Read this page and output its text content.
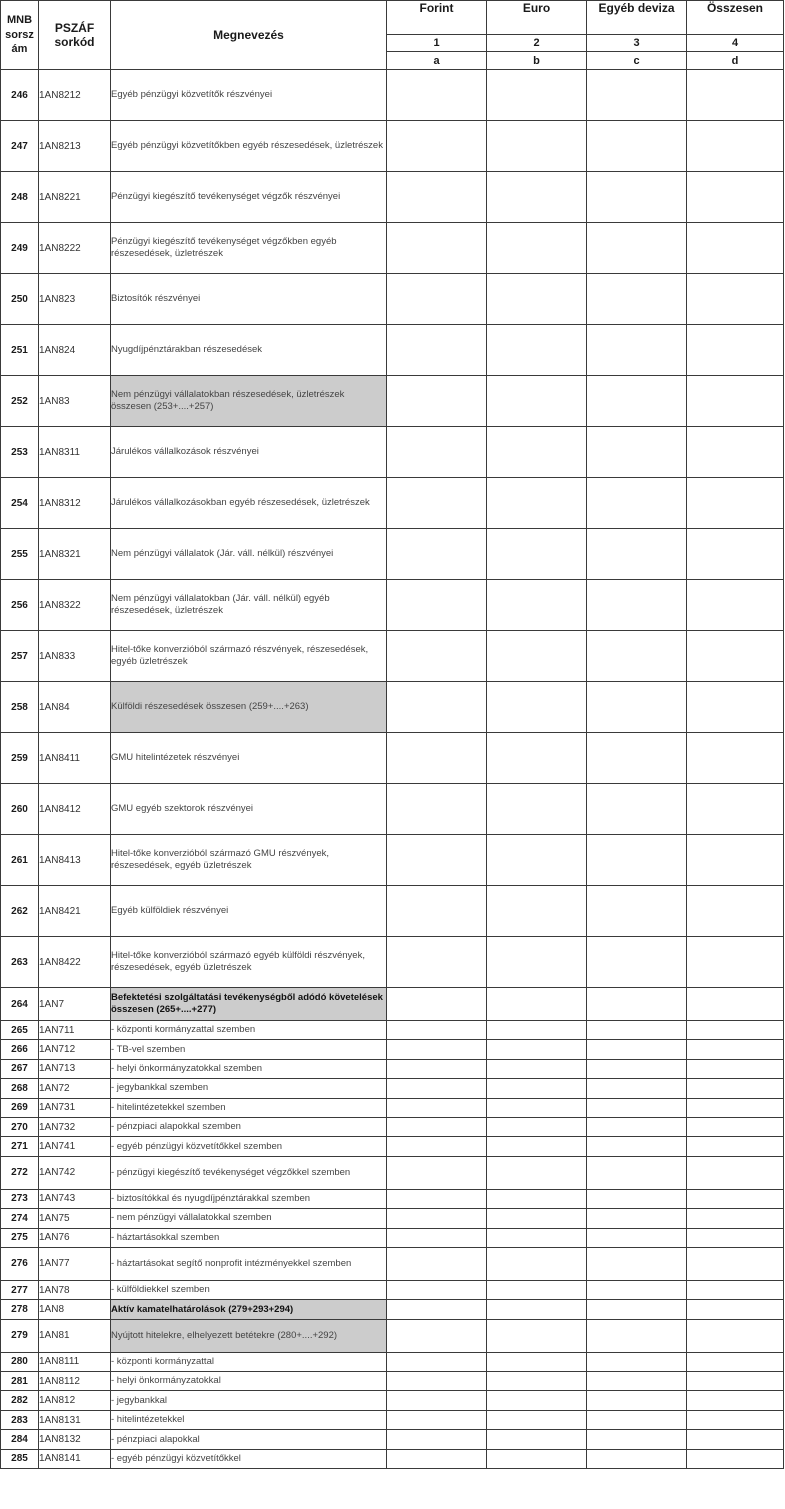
MNB sorsz ám	PSZÁF sorkód	Megnevezés	Forint	Euro	Egyéb deviza	Összesen
			1	2	3	4
			a	b	c	d
246	1AN8212	Egyéb pénzügyi közvetítők részvényei				
247	1AN8213	Egyéb pénzügyi közvetítőkben egyéb részesedések, üzletrészek				
248	1AN8221	Pénzügyi kiegészítő tevékenységet végzők részvényei				
249	1AN8222	Pénzügyi kiegészítő tevékenységet végzőkben egyéb részesedések, üzletrészek				
250	1AN823	Biztosítók részvényei				
251	1AN824	Nyugdíjpénztárakban részesedések				
252	1AN83	Nem pénzügyi vállalatokban részesedések, üzletrészek összesen (253+....+257)				
253	1AN8311	Járulékos vállalkozások részvényei				
254	1AN8312	Járulékos vállalkozásokban egyéb részesedések, üzletrészek				
255	1AN8321	Nem pénzügyi vállalatok (Jár. váll. nélkül) részvényei				
256	1AN8322	Nem pénzügyi vállalatokban (Jár. váll. nélkül) egyéb részesedések, üzletrészek				
257	1AN833	Hitel-tőke konverzióból származó részvények, részesedések, egyéb üzletrészek				
258	1AN84	Külföldi részesedések összesen (259+....+263)				
259	1AN8411	GMU hitelintézetek részvényei				
260	1AN8412	GMU egyéb szektorok részvényei				
261	1AN8413	Hitel-tőke konverzióból származó GMU részvények, részesedések, egyéb üzletrészek				
262	1AN8421	Egyéb külföldiek részvényei				
263	1AN8422	Hitel-tőke konverzióból származó egyéb külföldi részvények, részesedések, egyéb üzletrészek				
264	1AN7	Befektetési szolgáltatási tevékenységből adódó követelések összesen (265+....+277)				
265	1AN711	- központi kormányzattal szemben				
266	1AN712	- TB-vel szemben				
267	1AN713	- helyi önkormányzatokkal szemben				
268	1AN72	- jegybankkal szemben				
269	1AN731	- hitelintézetekkel szemben				
270	1AN732	- pénzpiaci alapokkal szemben				
271	1AN741	- egyéb pénzügyi közvetítőkkel szemben				
272	1AN742	- pénzügyi kiegészítő tevékenységet végzőkkel szemben				
273	1AN743	- biztosítókkal és nyugdíjpénztárakkal szemben				
274	1AN75	- nem pénzügyi vállalatokkal szemben				
275	1AN76	- háztartásokkal szemben				
276	1AN77	- háztartásokat segítő nonprofit intézményekkel szemben				
277	1AN78	- külföldiekkel szemben				
278	1AN8	Aktív kamatelhatárolások (279+293+294)				
279	1AN81	Nyújtott hitelekre, elhelyezett betétekre (280+....+292)				
280	1AN8111	- központi kormányzattal				
281	1AN8112	- helyi önkormányzatokkal				
282	1AN812	- jegybankkal				
283	1AN8131	- hitelintézetekkel				
284	1AN8132	- pénzpiaci alapokkal				
285	1AN8141	- egyéb pénzügyi közvetítőkkel				
